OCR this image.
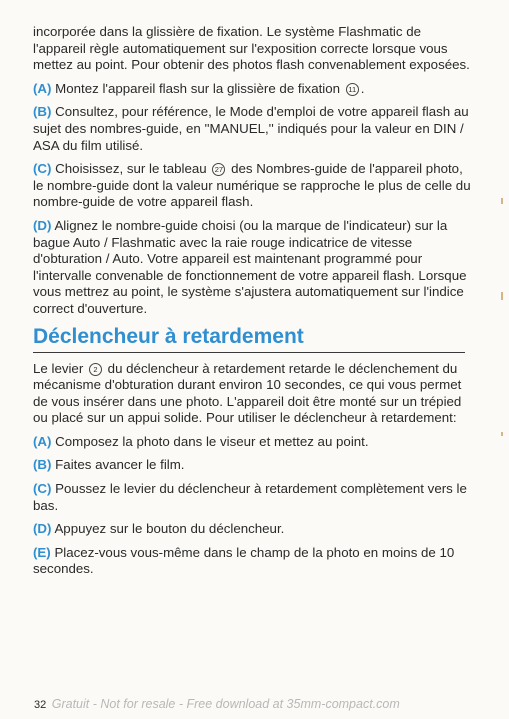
incorporée dans la glissière de fixation. Le système Flashmatic de l'appareil règle automatiquement sur l'exposition correcte lorsque vous mettez au point. Pour obtenir des photos flash convenablement exposées.

(A) Montez l'appareil flash sur la glissière de fixation 11 .

(B) Consultez, pour référence, le Mode d'emploi de votre appareil flash au sujet des nombres-guide, en ''MANUEL,'' indiqués pour la valeur en DIN / ASA du film utilisé.

(C) Choisissez, sur le tableau 27 des Nombres-guide de l'appareil photo, le nombre-guide dont la valeur numérique se rapproche le plus de celle du nombre-guide de votre appareil flash.

(D) Alignez le nombre-guide choisi (ou la marque de l'indicateur) sur la bague Auto / Flashmatic avec la raie rouge indicatrice de vitesse d'obturation / Auto. Votre appareil est maintenant programmé pour l'intervalle convenable de fonctionnement de votre appareil flash. Lorsque vous mettrez au point, le système s'ajustera automatiquement sur l'indice correct d'ouverture.

Déclencheur à retardement

Le levier 2 du déclencheur à retardement retarde le déclenchement du mécanisme d'obturation durant environ 10 secondes, ce qui vous permet de vous insérer dans une photo. L'appareil doit être monté sur un trépied ou placé sur un appui solide. Pour utiliser le déclencheur à retardement:

(A) Composez la photo dans le viseur et mettez au point.

(B) Faites avancer le film.

(C) Poussez le levier du déclencheur à retardement complètement vers le bas.

(D) Appuyez sur le bouton du déclencheur.

(E) Placez-vous vous-même dans le champ de la photo en moins de 10 secondes.

32 Gratuit - Not for resale - Free download at 35mm-compact.com
